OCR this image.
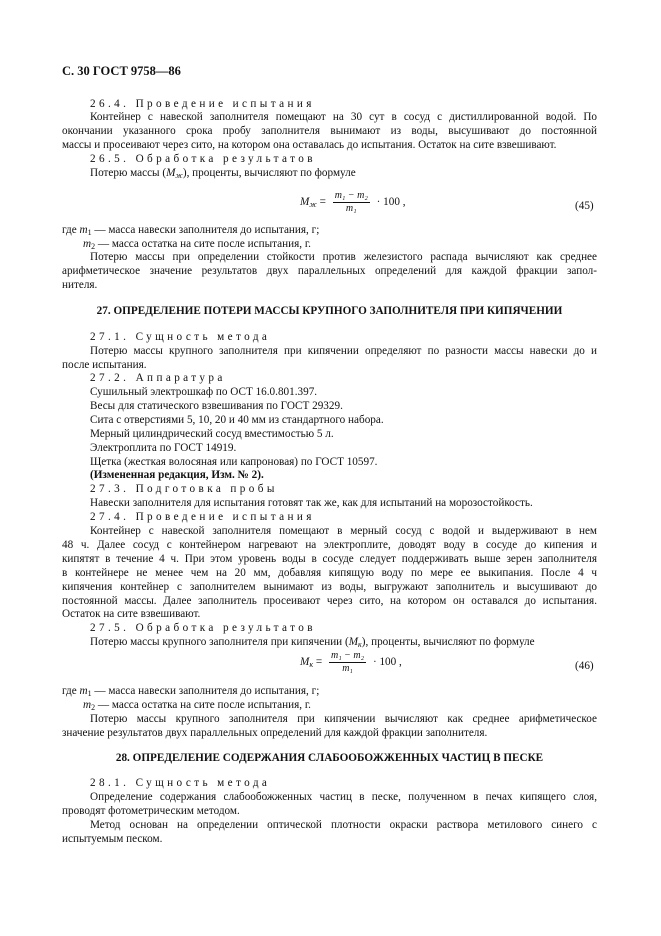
С. 30 ГОСТ 9758—86
26.4. Проведение испытания
Контейнер с навеской заполнителя помещают на 30 сут в сосуд с дистиллированной водой. По
окончании указанного срока пробу заполнителя вынимают из воды, высушивают до постоянной
массы и просеивают через сито, на котором она оставалась до испытания. Остаток на сите взвешивают.
26.5. Обработка результатов
Потерю массы $(M_ж)$, проценты, вычисляют по формуле
$M_ж = \frac{\text{m₁ − m₂}}{\text{m₁}} \cdot 100$ ,	(45)
где $m_1$ — масса навески заполнителя до испытания, г;
$m_2$ — масса остатка на сите после испытания, г.
Потерю массы при определении стойкости против железистого распада вычисляют как среднее
арифметическое значение результатов двух параллельных определений для каждой фракции запол-
нителя.
27. ОПРЕДЕЛЕНИЕ ПОТЕРИ МАССЫ КРУПНОГО ЗАПОЛНИТЕЛЯ ПРИ КИПЯЧЕНИИ
27.1. Сущность метода
Потерю массы крупного заполнителя при кипячении определяют по разности массы навески до и
после испытания.
27.2. Аппаратура
Сушильный электрошкаф по ОСТ 16.0.801.397.
Весы для статического взвешивания по ГОСТ 29329.
Сита с отверстиями 5, 10, 20 и 40 мм из стандартного набора.
Мерный цилиндрический сосуд вместимостью 5 л.
Электроплита по ГОСТ 14919.
Щетка (жесткая волосяная или капроновая) по ГОСТ 10597.
(Измененная редакция, Изм. № 2).
27.3. Подготовка пробы
Навески заполнителя для испытания готовят так же, как для испытаний на морозостойкость.
27.4. Проведение испытания
Контейнер с навеской заполнителя помещают в мерный сосуд с водой и выдерживают в нем
48 ч. Далее сосуд с контейнером нагревают на электроплите, доводят воду в сосуде до кипения и
кипятят в течение 4 ч. При этом уровень воды в сосуде следует поддерживать выше зерен заполнителя
в контейнере не менее чем на 20 мм, добавляя кипящую воду по мере ее выкипания. После 4 ч
кипячения контейнер с заполнителем вынимают из воды, выгружают заполнитель и высушивают до
постоянной массы. Далее заполнитель просеивают через сито, на котором он оставался до испытания.
Остаток на сите взвешивают.
27.5. Обработка результатов
Потерю массы крупного заполнителя при кипячении $(M_к)$, проценты, вычисляют по формуле
$M_к = \frac{\text{m₁ − m₂}}{\text{m₁}} \cdot 100$ ,	(46)
где $m_1$ — масса навески заполнителя до испытания, г;
$m_2$ — масса остатка на сите после испытания, г.
Потерю массы крупного заполнителя при кипячении вычисляют как среднее арифметическое
значение результатов двух параллельных определений для каждой фракции заполнителя.
28. ОПРЕДЕЛЕНИЕ СОДЕРЖАНИЯ СЛАБООБОЖЖЕННЫХ ЧАСТИЦ В ПЕСКЕ
28.1. Сущность метода
Определение содержания слабообожженных частиц в песке, полученном в печах кипящего слоя,
проводят фотометрическим методом.
Метод основан на определении оптической плотности окраски раствора метилового синего с
испытуемым песком.
